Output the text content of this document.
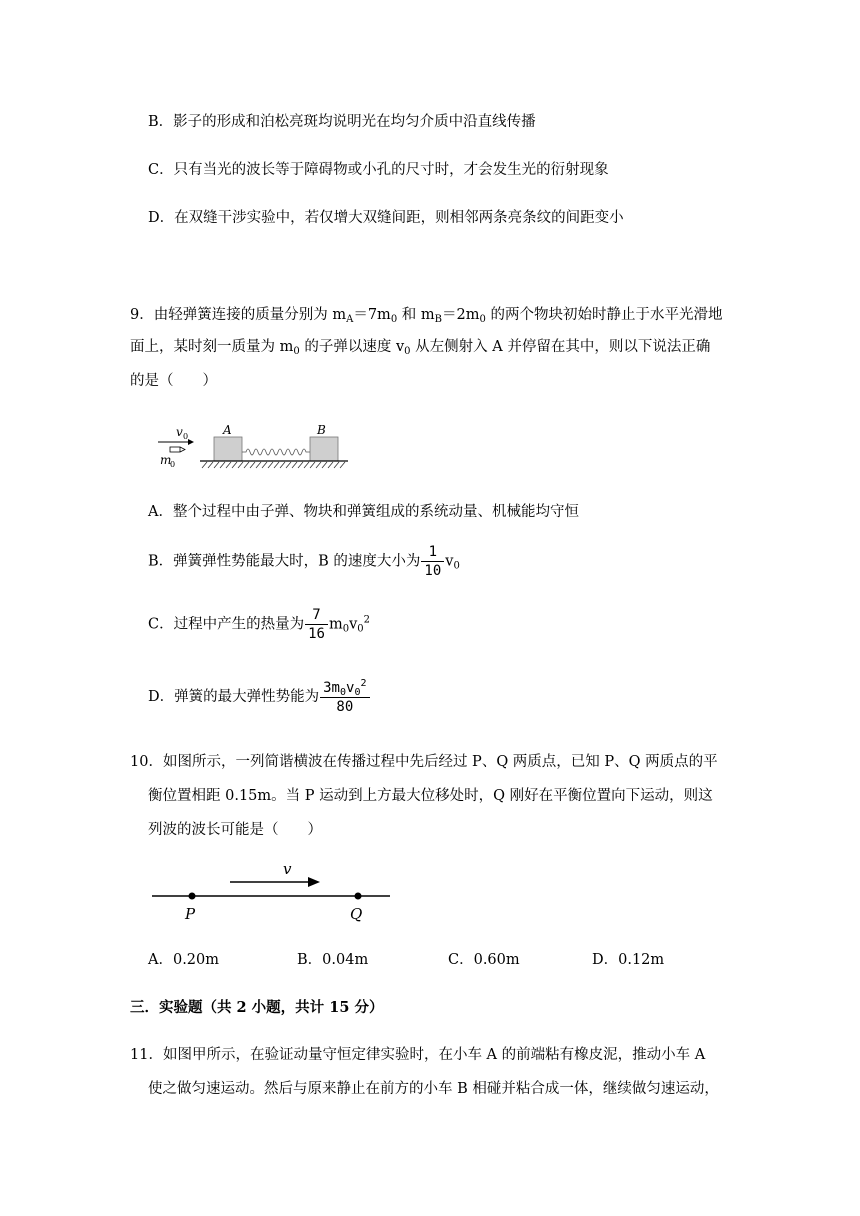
B．影子的形成和泊松亮斑均说明光在均匀介质中沿直线传播
C．只有当光的波长等于障碍物或小孔的尺寸时，才会发生光的衍射现象
D．在双缝干涉实验中，若仅增大双缝间距，则相邻两条亮条纹的间距变小
9．由轻弹簧连接的质量分别为 $m_A=7m_0$ 和 $m_B=2m_0$ 的两个物块初始时静止于水平光滑地
面上，某时刻一质量为 $m_0$ 的子弹以速度 $v_0$ 从左侧射入 A 并停留在其中，则以下说法正确
的是（　　）
v 0
m
0
A	B
A．整个过程中由子弹、物块和弹簧组成的系统动量、机械能均守恒
B．弹簧弹性势能最大时，B 的速度大小为 $\frac{1}{10} v_0$
C．过程中产生的热量为 $\frac{7}{16} m_0v_0^2$
D．弹簧的最大弹性势能为 $\frac{3m_0v_0^2}{80}$
10．如图所示，一列简谐横波在传播过程中先后经过 P、Q 两质点，已知 P、Q 两质点的平
衡位置相距 0.15m。当 P 运动到上方最大位移处时，Q 刚好在平衡位置向下运动，则这
列波的波长可能是（　　）
v
P	Q
A．0.20m	B．0.04m	C．0.60m	D．0.12m
三．实验题（共 2 小题，共计 15 分）
11．如图甲所示，在验证动量守恒定律实验时，在小车 A 的前端粘有橡皮泥，推动小车 A
使之做匀速运动。然后与原来静止在前方的小车 B 相碰并粘合成一体，继续做匀速运动，
